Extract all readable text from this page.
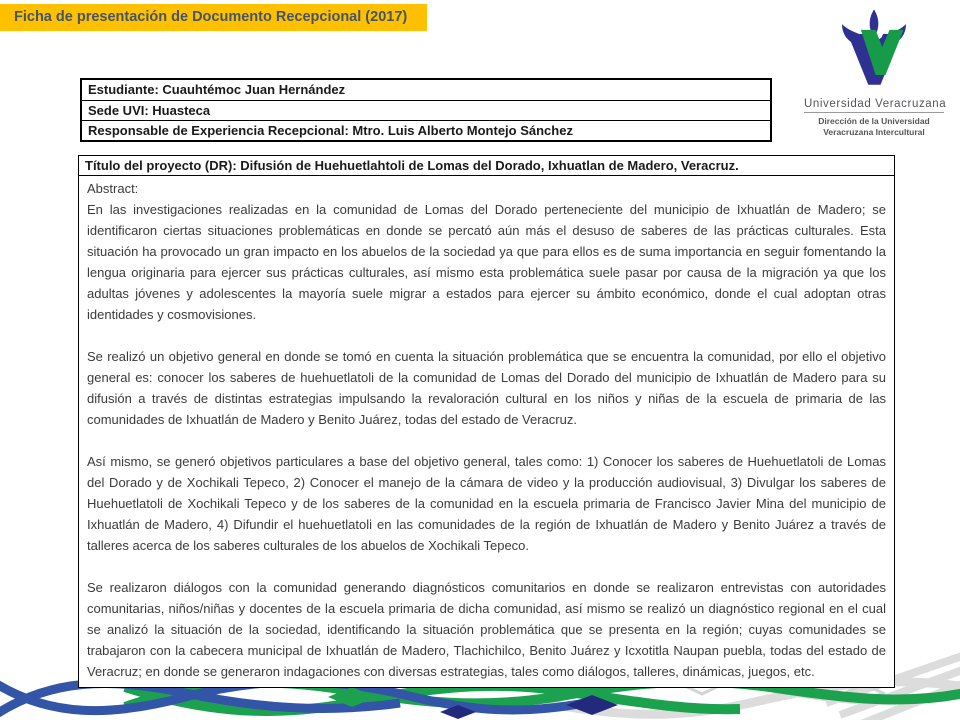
Ficha de presentación de Documento Recepcional (2017)
Universidad Veracruzana
Dirección de la Universidad
Veracruzana Intercultural
Estudiante: Cuauhtémoc Juan Hernández
Sede UVI: Huasteca
Responsable de Experiencia Recepcional: Mtro. Luis Alberto Montejo Sánchez
Título del proyecto (DR): Difusión de Huehuetlahtoli de Lomas del Dorado, Ixhuatlan de Madero, Veracruz.
Abstract:

En las investigaciones realizadas en la comunidad de Lomas del Dorado perteneciente del municipio de Ixhuatlán de Madero; se identificaron ciertas situaciones problemáticas en donde se percató aún más el desuso de saberes de las prácticas culturales. Esta situación ha provocado un gran impacto en los abuelos de la sociedad ya que para ellos es de suma importancia en seguir fomentando la lengua originaria para ejercer sus prácticas culturales, así mismo esta problemática suele pasar por causa de la migración ya que los adultas jóvenes y adolescentes la mayoría suele migrar a estados para ejercer su ámbito económico, donde el cual adoptan otras identidades y cosmovisiones.

Se realizó un objetivo general en donde se tomó en cuenta la situación problemática que se encuentra la comunidad, por ello el objetivo general es: conocer los saberes de huehuetlatoli de la comunidad de Lomas del Dorado del municipio de Ixhuatlán de Madero para su difusión a través de distintas estrategias impulsando la revaloración cultural en los niños y niñas de la escuela de primaria de las comunidades de Ixhuatlán de Madero y Benito Juárez, todas del estado de Veracruz.

Así mismo, se generó objetivos particulares a base del objetivo general, tales como: 1) Conocer los saberes de Huehuetlatoli de Lomas del Dorado y de Xochikali Tepeco, 2) Conocer el manejo de la cámara de video y la producción audiovisual, 3) Divulgar los saberes de Huehuetlatoli de Xochikali Tepeco y de los saberes de la comunidad en la escuela primaria de Francisco Javier Mina del municipio de Ixhuatlán de Madero, 4) Difundir el huehuetlatoli en las comunidades de la región de Ixhuatlán de Madero y Benito Juárez a través de talleres acerca de los saberes culturales de los abuelos de Xochikali Tepeco.

Se realizaron diálogos con la comunidad generando diagnósticos comunitarios en donde se realizaron entrevistas con autoridades comunitarias, niños/niñas y docentes de la escuela primaria de dicha comunidad, así mismo se realizó un diagnóstico regional en el cual se analizó la situación de la sociedad, identificando la situación problemática que se presenta en la región; cuyas comunidades se trabajaron con la cabecera municipal de Ixhuatlán de Madero, Tlachichilco, Benito Juárez y Icxotitla Naupan puebla, todas del estado de Veracruz; en donde se generaron indagaciones con diversas estrategias, tales como diálogos, talleres, dinámicas, juegos, etc.
